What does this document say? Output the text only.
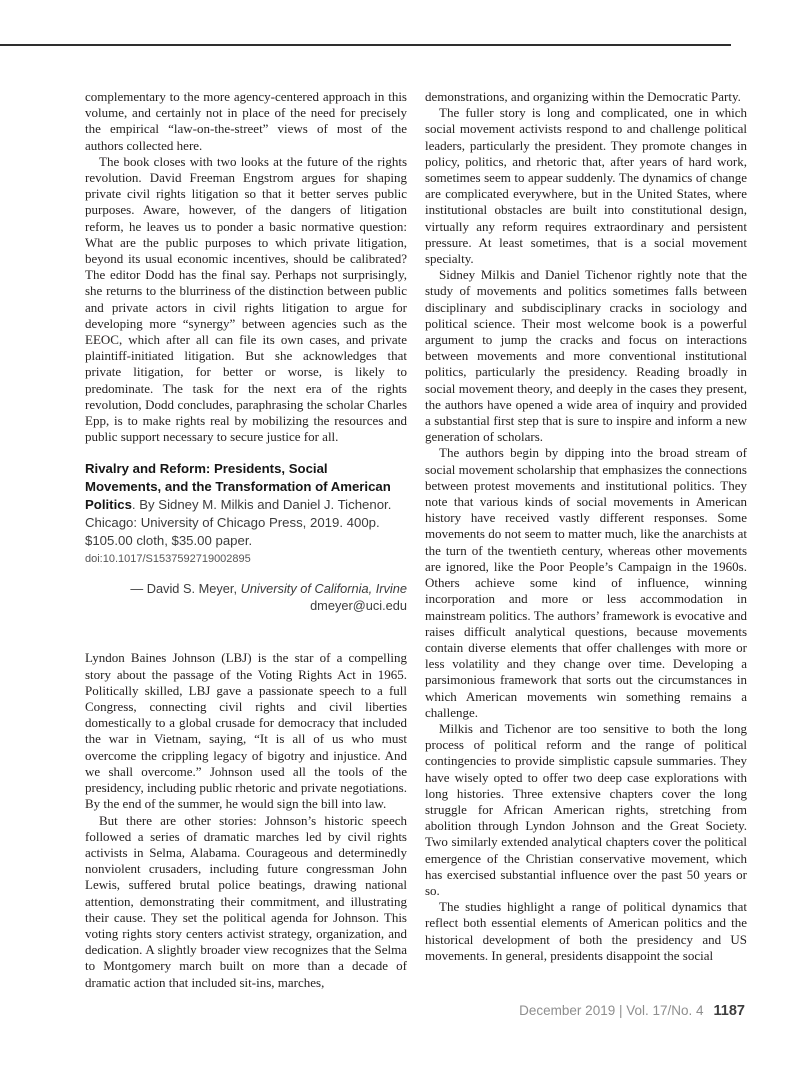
complementary to the more agency-centered approach in this volume, and certainly not in place of the need for precisely the empirical “law-on-the-street” views of most of the authors collected here.

The book closes with two looks at the future of the rights revolution. David Freeman Engstrom argues for shaping private civil rights litigation so that it better serves public purposes. Aware, however, of the dangers of litigation reform, he leaves us to ponder a basic normative question: What are the public purposes to which private litigation, beyond its usual economic incentives, should be calibrated? The editor Dodd has the final say. Perhaps not surprisingly, she returns to the blurriness of the distinction between public and private actors in civil rights litigation to argue for developing more “synergy” between agencies such as the EEOC, which after all can file its own cases, and private plaintiff-initiated litigation. But she acknowledges that private litigation, for better or worse, is likely to predominate. The task for the next era of the rights revolution, Dodd concludes, paraphrasing the scholar Charles Epp, is to make rights real by mobilizing the resources and public support necessary to secure justice for all.

Rivalry and Reform: Presidents, Social Movements, and the Transformation of American Politics. By Sidney M. Milkis and Daniel J. Tichenor. Chicago: University of Chicago Press, 2019. 400p. $105.00 cloth, $35.00 paper.
doi:10.1017/S1537592719002895
— David S. Meyer, University of California, Irvine
dmeyer@uci.edu

Lyndon Baines Johnson (LBJ) is the star of a compelling story about the passage of the Voting Rights Act in 1965. Politically skilled, LBJ gave a passionate speech to a full Congress, connecting civil rights and civil liberties domestically to a global crusade for democracy that included the war in Vietnam, saying, “It is all of us who must overcome the crippling legacy of bigotry and injustice. And we shall overcome.” Johnson used all the tools of the presidency, including public rhetoric and private negotiations. By the end of the summer, he would sign the bill into law.

But there are other stories: Johnson’s historic speech followed a series of dramatic marches led by civil rights activists in Selma, Alabama. Courageous and determinedly nonviolent crusaders, including future congressman John Lewis, suffered brutal police beatings, drawing national attention, demonstrating their commitment, and illustrating their cause. They set the political agenda for Johnson. This voting rights story centers activist strategy, organization, and dedication. A slightly broader view recognizes that the Selma to Montgomery march built on more than a decade of dramatic action that included sit-ins, marches,

demonstrations, and organizing within the Democratic Party.

The fuller story is long and complicated, one in which social movement activists respond to and challenge political leaders, particularly the president. They promote changes in policy, politics, and rhetoric that, after years of hard work, sometimes seem to appear suddenly. The dynamics of change are complicated everywhere, but in the United States, where institutional obstacles are built into constitutional design, virtually any reform requires extraordinary and persistent pressure. At least sometimes, that is a social movement specialty.

Sidney Milkis and Daniel Tichenor rightly note that the study of movements and politics sometimes falls between disciplinary and subdisciplinary cracks in sociology and political science. Their most welcome book is a powerful argument to jump the cracks and focus on interactions between movements and more conventional institutional politics, particularly the presidency. Reading broadly in social movement theory, and deeply in the cases they present, the authors have opened a wide area of inquiry and provided a substantial first step that is sure to inspire and inform a new generation of scholars.

The authors begin by dipping into the broad stream of social movement scholarship that emphasizes the connections between protest movements and institutional politics. They note that various kinds of social movements in American history have received vastly different responses. Some movements do not seem to matter much, like the anarchists at the turn of the twentieth century, whereas other movements are ignored, like the Poor People’s Campaign in the 1960s. Others achieve some kind of influence, winning incorporation and more or less accommodation in mainstream politics. The authors’ framework is evocative and raises difficult analytical questions, because movements contain diverse elements that offer challenges with more or less volatility and they change over time. Developing a parsimonious framework that sorts out the circumstances in which American movements win something remains a challenge.

Milkis and Tichenor are too sensitive to both the long process of political reform and the range of political contingencies to provide simplistic capsule summaries. They have wisely opted to offer two deep case explorations with long histories. Three extensive chapters cover the long struggle for African American rights, stretching from abolition through Lyndon Johnson and the Great Society. Two similarly extended analytical chapters cover the political emergence of the Christian conservative movement, which has exercised substantial influence over the past 50 years or so.

The studies highlight a range of political dynamics that reflect both essential elements of American politics and the historical development of both the presidency and US movements. In general, presidents disappoint the social

December 2019 | Vol. 17/No. 4 1187
